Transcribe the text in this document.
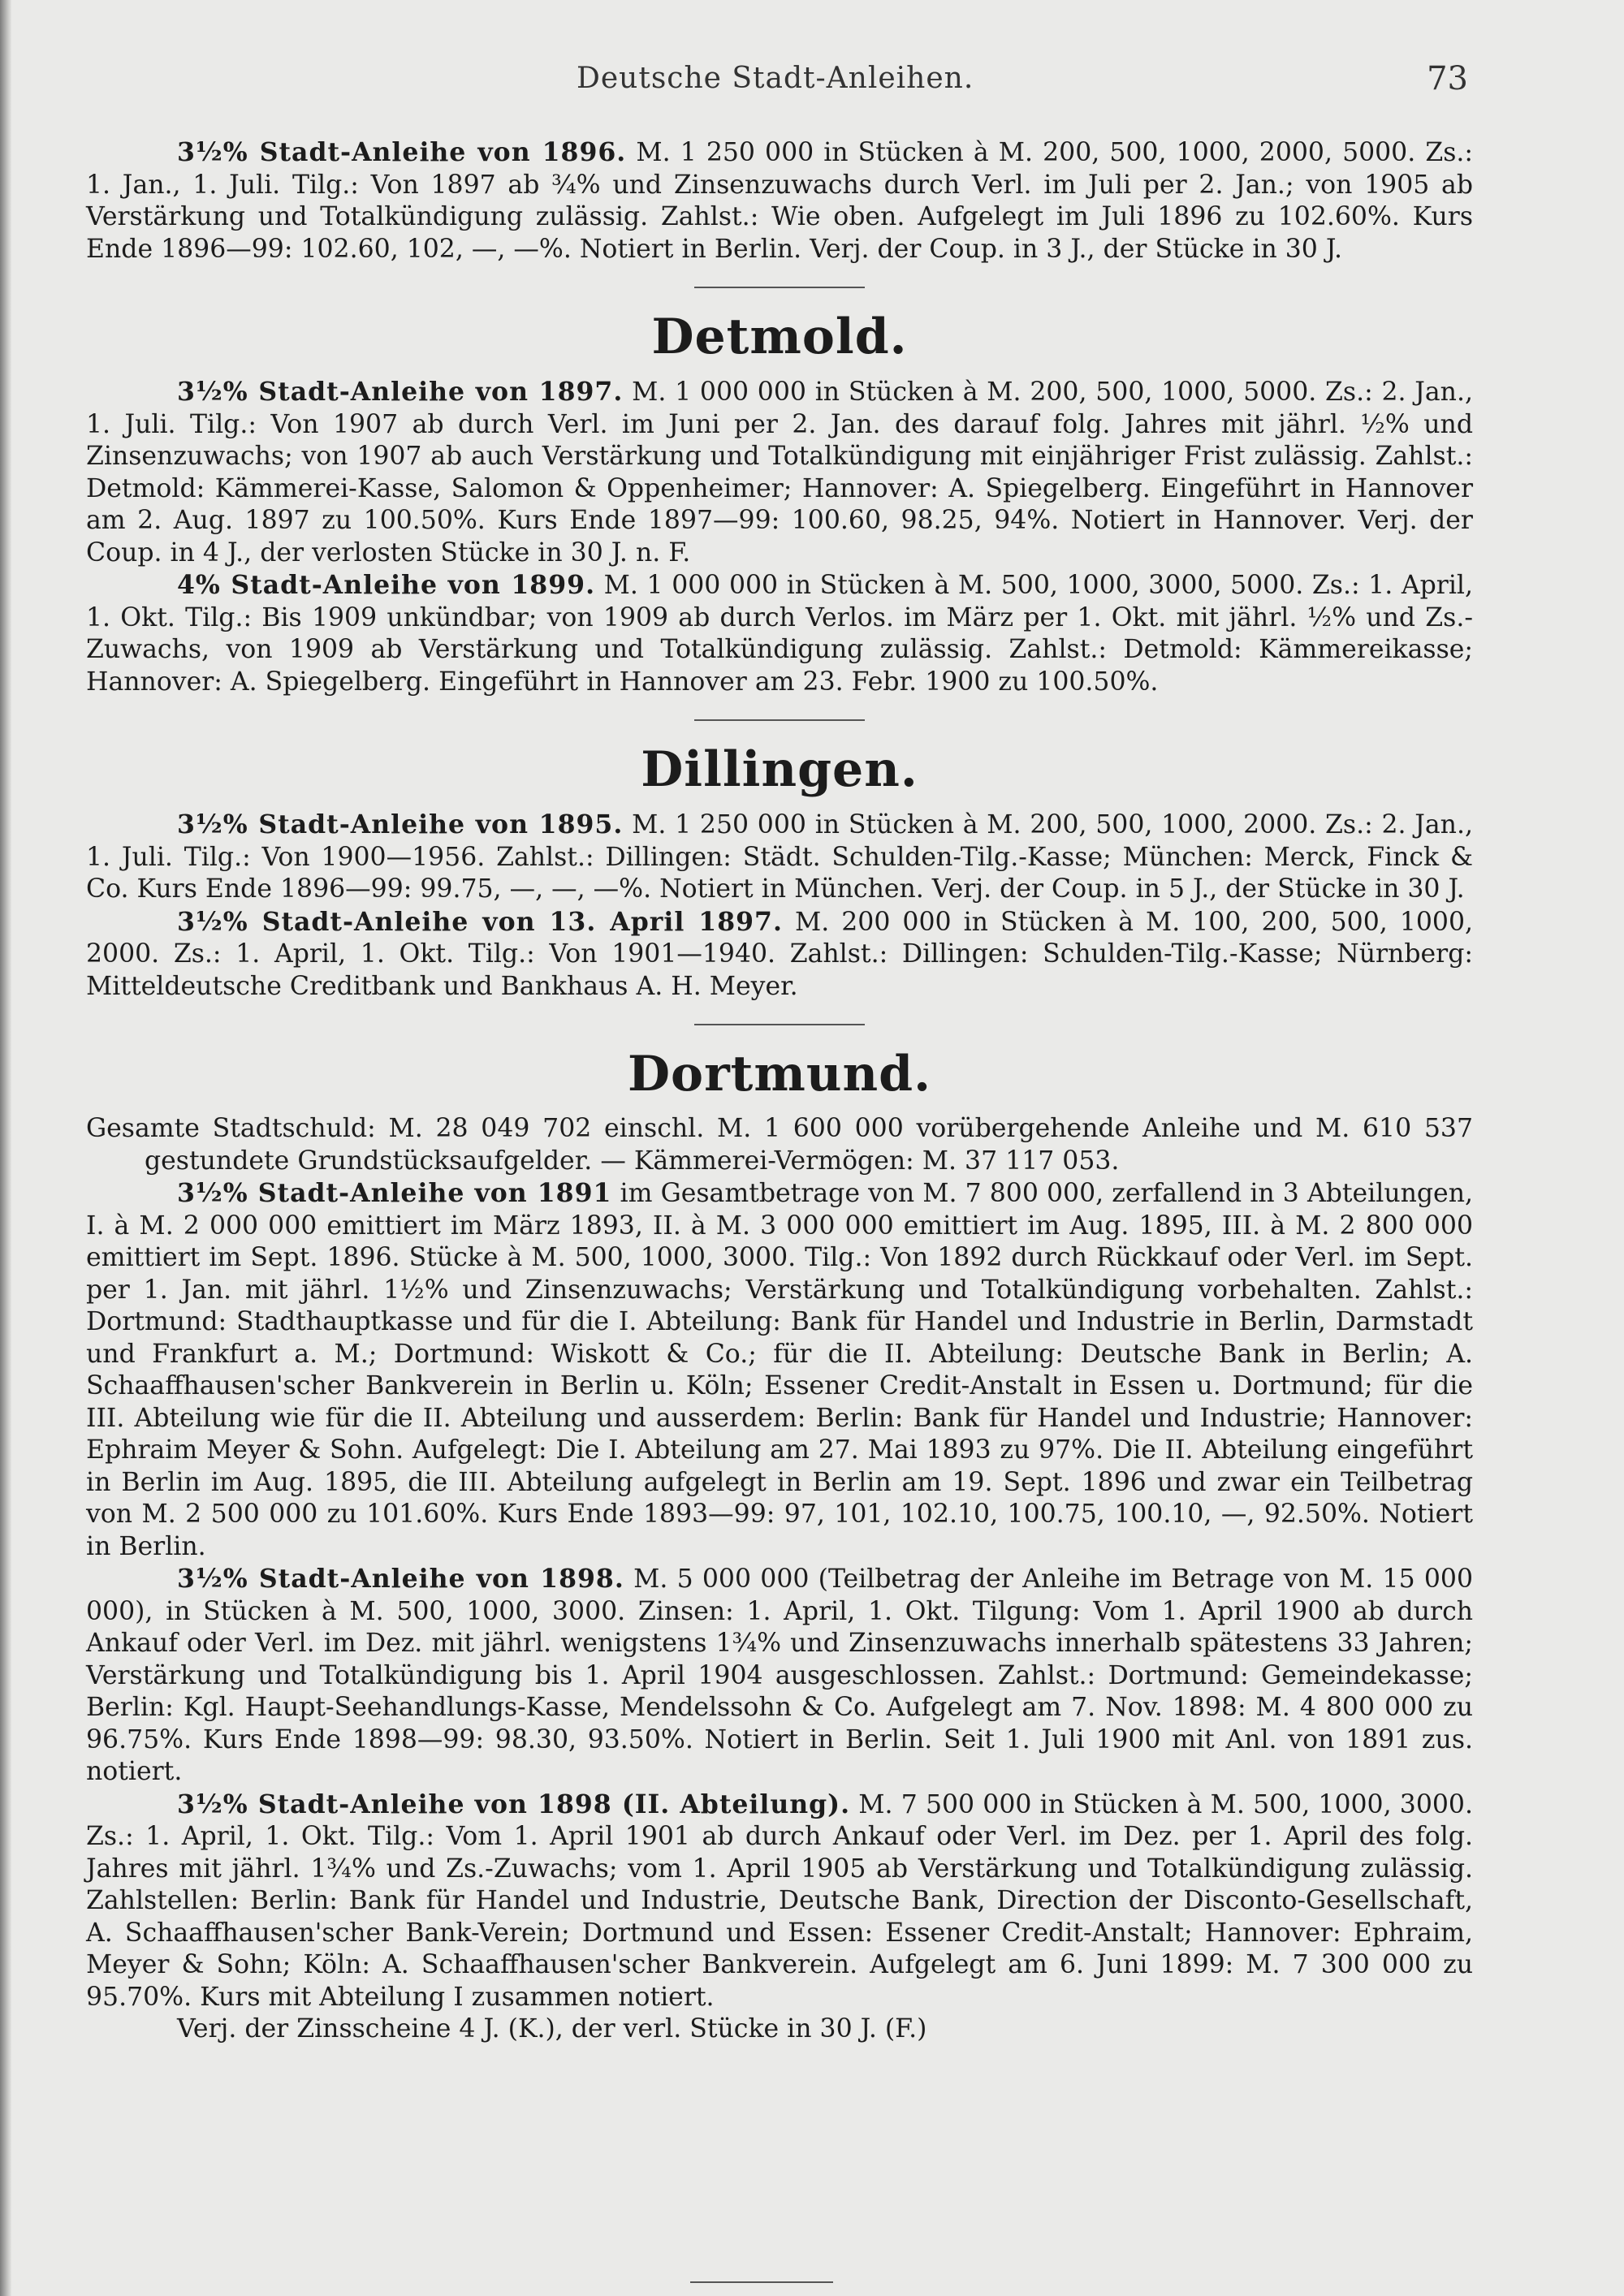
Deutsche Stadt-Anleihen.	73

3½% Stadt-Anleihe von 1896. M. 1 250 000 in Stücken à M. 200, 500, 1000, 2000, 5000. Zs.: 1. Jan., 1. Juli. Tilg.: Von 1897 ab ¾% und Zinsenzuwachs durch Verl. im Juli per 2. Jan.; von 1905 ab Verstärkung und Totalkündigung zulässig. Zahlst.: Wie oben. Aufgelegt im Juli 1896 zu 102.60%. Kurs Ende 1896—99: 102.60, 102, —, —%. Notiert in Berlin. Verj. der Coup. in 3 J., der Stücke in 30 J.

Detmold.

3½% Stadt-Anleihe von 1897. M. 1 000 000 in Stücken à M. 200, 500, 1000, 5000. Zs.: 2. Jan., 1. Juli. Tilg.: Von 1907 ab durch Verl. im Juni per 2. Jan. des darauf folg. Jahres mit jährl. ½% und Zinsenzuwachs; von 1907 ab auch Verstärkung und Totalkündigung mit einjähriger Frist zulässig. Zahlst.: Detmold: Kämmerei-Kasse, Salomon & Oppenheimer; Hannover: A. Spiegelberg. Eingeführt in Hannover am 2. Aug. 1897 zu 100.50%. Kurs Ende 1897—99: 100.60, 98.25, 94%. Notiert in Hannover. Verj. der Coup. in 4 J., der verlosten Stücke in 30 J. n. F.

4% Stadt-Anleihe von 1899. M. 1 000 000 in Stücken à M. 500, 1000, 3000, 5000. Zs.: 1. April, 1. Okt. Tilg.: Bis 1909 unkündbar; von 1909 ab durch Verlos. im März per 1. Okt. mit jährl. ½% und Zs.-Zuwachs, von 1909 ab Verstärkung und Totalkündigung zulässig. Zahlst.: Detmold: Kämmereikasse; Hannover: A. Spiegelberg. Eingeführt in Hannover am 23. Febr. 1900 zu 100.50%.

Dillingen.

3½% Stadt-Anleihe von 1895. M. 1 250 000 in Stücken à M. 200, 500, 1000, 2000. Zs.: 2. Jan., 1. Juli. Tilg.: Von 1900—1956. Zahlst.: Dillingen: Städt. Schulden-Tilg.-Kasse; München: Merck, Finck & Co. Kurs Ende 1896—99: 99.75, —, —, —%. Notiert in München. Verj. der Coup. in 5 J., der Stücke in 30 J.

3½% Stadt-Anleihe von 13. April 1897. M. 200 000 in Stücken à M. 100, 200, 500, 1000, 2000. Zs.: 1. April, 1. Okt. Tilg.: Von 1901—1940. Zahlst.: Dillingen: Schulden-Tilg.-Kasse; Nürnberg: Mitteldeutsche Creditbank und Bankhaus A. H. Meyer.

Dortmund.

Gesamte Stadtschuld: M. 28 049 702 einschl. M. 1 600 000 vorübergehende Anleihe und M. 610 537 gestundete Grundstücksaufgelder. — Kämmerei-Vermögen: M. 37 117 053.

3½% Stadt-Anleihe von 1891 im Gesamtbetrage von M. 7 800 000, zerfallend in 3 Abteilungen, I. à M. 2 000 000 emittiert im März 1893, II. à M. 3 000 000 emittiert im Aug. 1895, III. à M. 2 800 000 emittiert im Sept. 1896. Stücke à M. 500, 1000, 3000. Tilg.: Von 1892 durch Rückkauf oder Verl. im Sept. per 1. Jan. mit jährl. 1½% und Zinsenzuwachs; Verstärkung und Totalkündigung vorbehalten. Zahlst.: Dortmund: Stadthauptkasse und für die I. Abteilung: Bank für Handel und Industrie in Berlin, Darmstadt und Frankfurt a. M.; Dortmund: Wiskott & Co.; für die II. Abteilung: Deutsche Bank in Berlin; A. Schaaffhausen'scher Bankverein in Berlin u. Köln; Essener Credit-Anstalt in Essen u. Dortmund; für die III. Abteilung wie für die II. Abteilung und ausserdem: Berlin: Bank für Handel und Industrie; Hannover: Ephraim Meyer & Sohn. Aufgelegt: Die I. Abteilung am 27. Mai 1893 zu 97%. Die II. Abteilung eingeführt in Berlin im Aug. 1895, die III. Abteilung aufgelegt in Berlin am 19. Sept. 1896 und zwar ein Teilbetrag von M. 2 500 000 zu 101.60%. Kurs Ende 1893—99: 97, 101, 102.10, 100.75, 100.10, —, 92.50%. Notiert in Berlin.

3½% Stadt-Anleihe von 1898. M. 5 000 000 (Teilbetrag der Anleihe im Betrage von M. 15 000 000), in Stücken à M. 500, 1000, 3000. Zinsen: 1. April, 1. Okt. Tilgung: Vom 1. April 1900 ab durch Ankauf oder Verl. im Dez. mit jährl. wenigstens 1¾% und Zinsenzuwachs innerhalb spätestens 33 Jahren; Verstärkung und Totalkündigung bis 1. April 1904 ausgeschlossen. Zahlst.: Dortmund: Gemeindekasse; Berlin: Kgl. Haupt-Seehandlungs-Kasse, Mendelssohn & Co. Aufgelegt am 7. Nov. 1898: M. 4 800 000 zu 96.75%. Kurs Ende 1898—99: 98.30, 93.50%. Notiert in Berlin. Seit 1. Juli 1900 mit Anl. von 1891 zus. notiert.

3½% Stadt-Anleihe von 1898 (II. Abteilung). M. 7 500 000 in Stücken à M. 500, 1000, 3000. Zs.: 1. April, 1. Okt. Tilg.: Vom 1. April 1901 ab durch Ankauf oder Verl. im Dez. per 1. April des folg. Jahres mit jährl. 1¾% und Zs.-Zuwachs; vom 1. April 1905 ab Verstärkung und Totalkündigung zulässig. Zahlstellen: Berlin: Bank für Handel und Industrie, Deutsche Bank, Direction der Disconto-Gesellschaft, A. Schaaffhausen'scher Bank-Verein; Dortmund und Essen: Essener Credit-Anstalt; Hannover: Ephraim, Meyer & Sohn; Köln: A. Schaaffhausen'scher Bankverein. Aufgelegt am 6. Juni 1899: M. 7 300 000 zu 95.70%. Kurs mit Abteilung I zusammen notiert.

Verj. der Zinsscheine 4 J. (K.), der verl. Stücke in 30 J. (F.)
